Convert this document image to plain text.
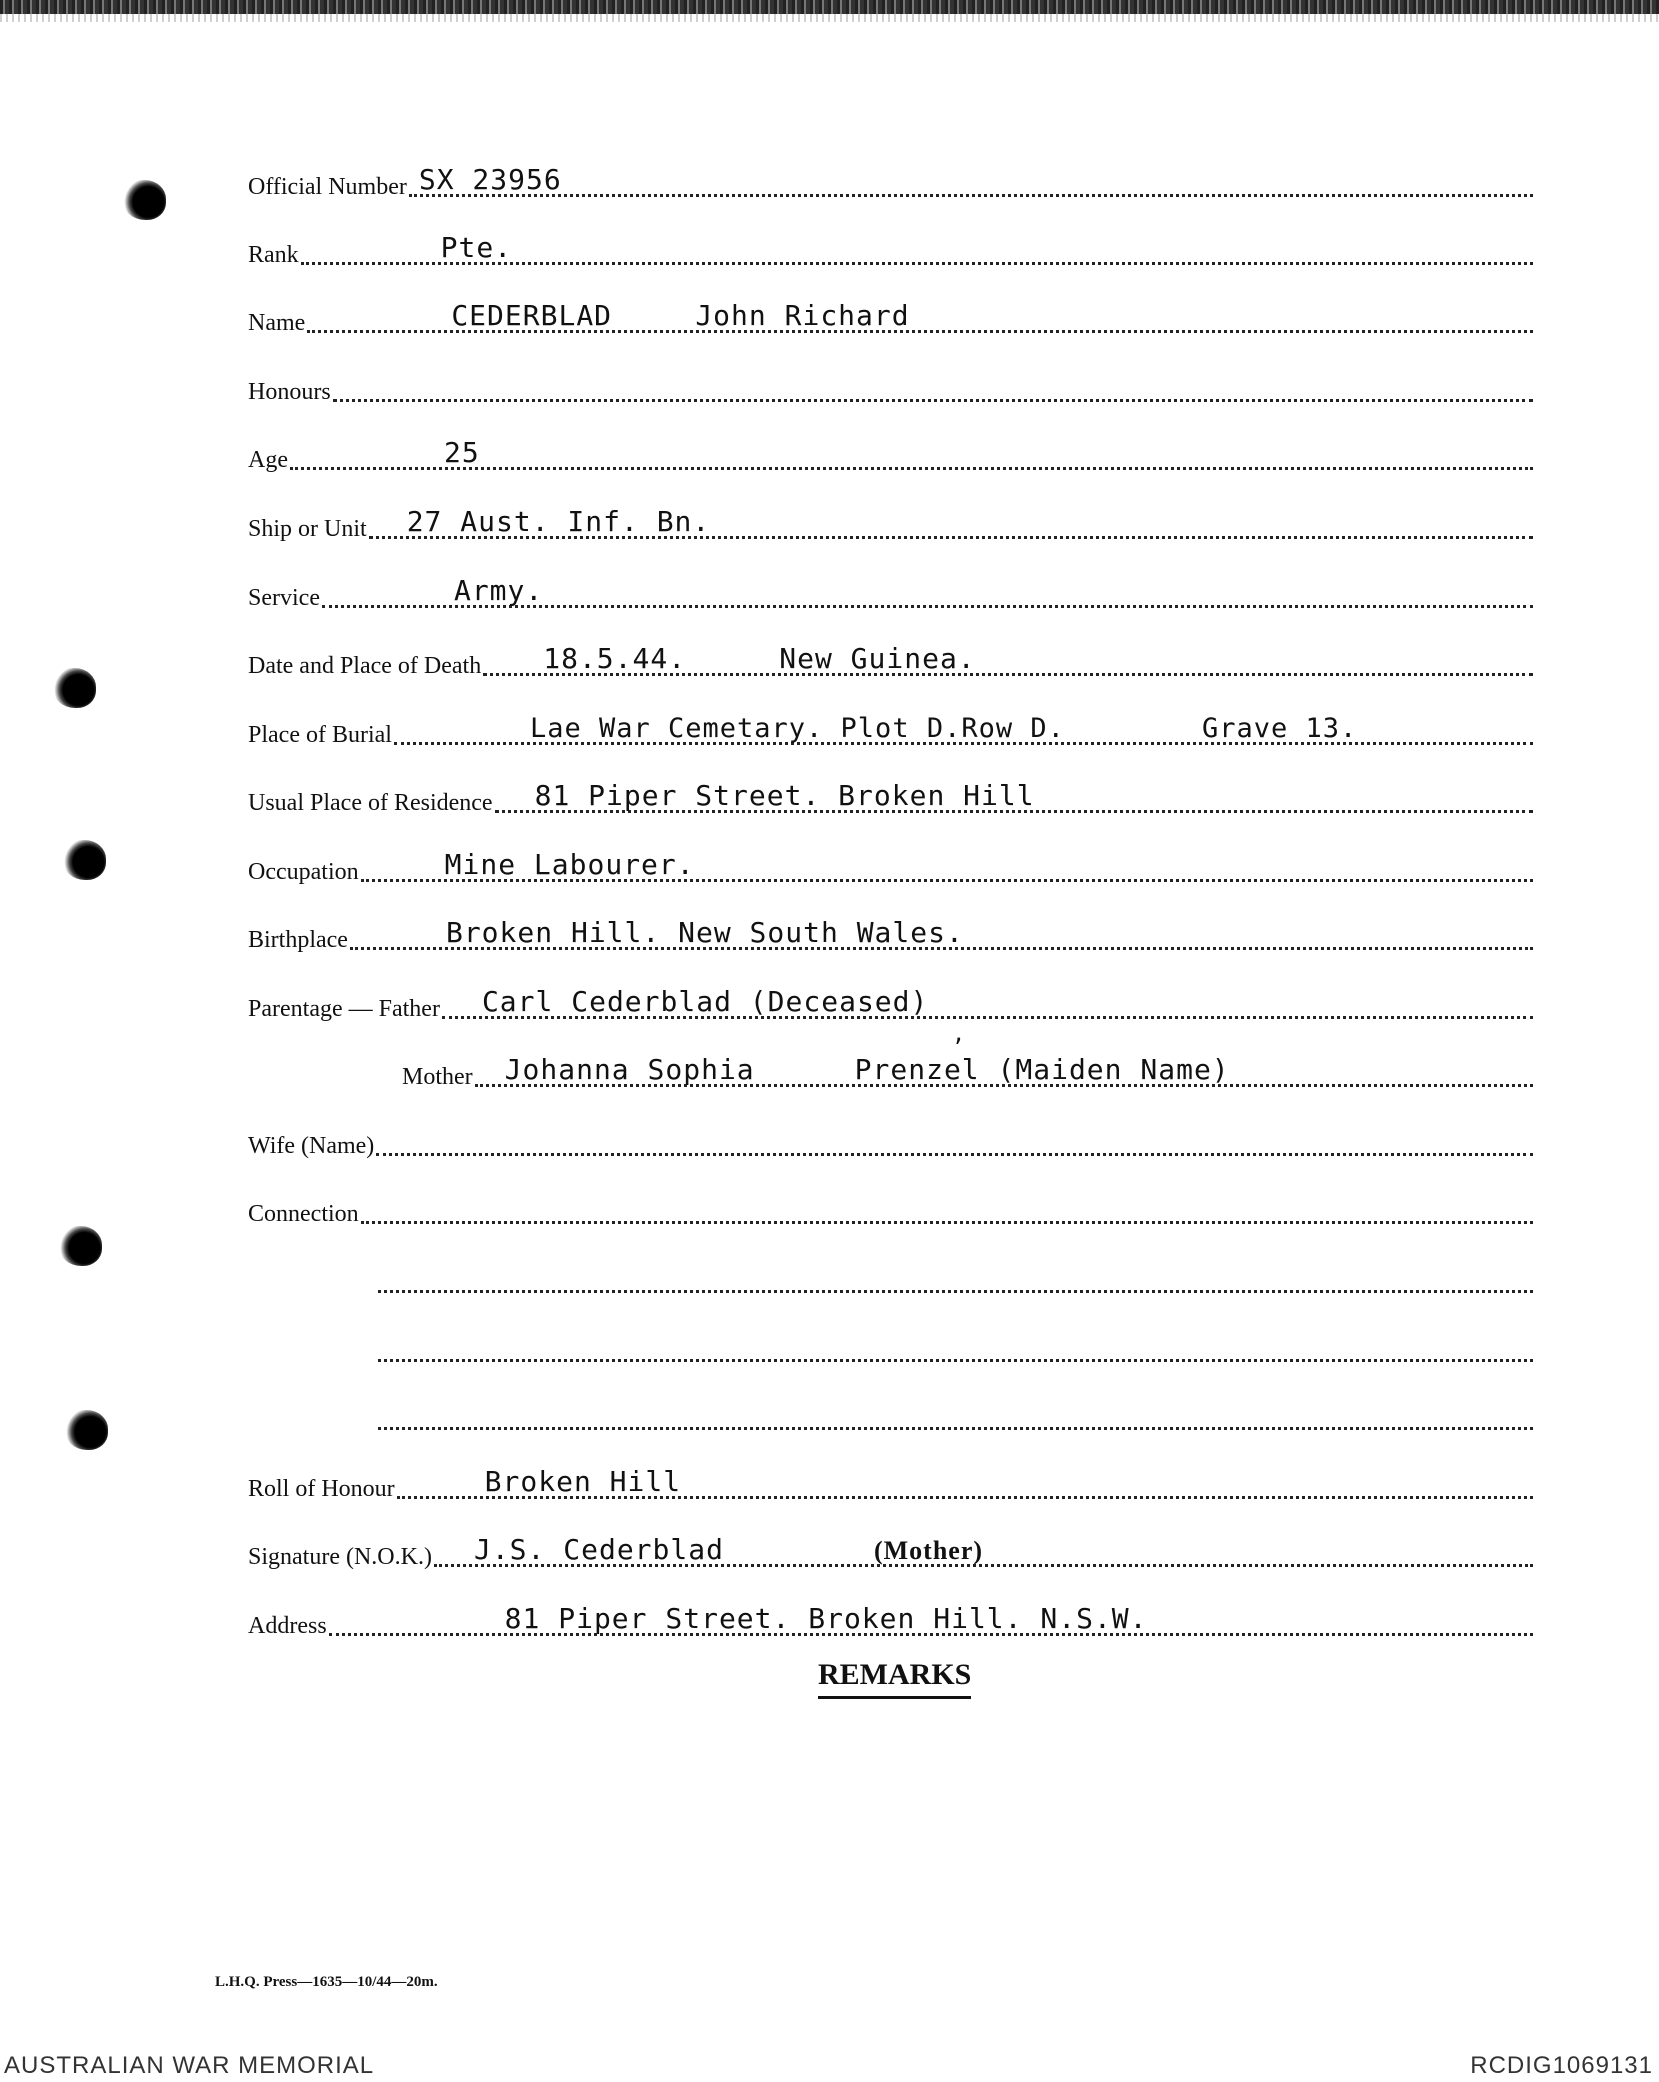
Official Number SX 23956
Rank	Pte.
Name	CEDERBLAD	John Richard
Honours
Age	25
Ship or Unit 27 Aust. Inf. Bn.
Service	Army.
Date and Place of Death 18.5.44.	New Guinea.
Place of Burial	Lae War Cemetary. Plot D.Row D.	Grave 13.
Usual Place of Residence 81 Piper Street. Broken Hill
Occupation	Mine Labourer.
Birthplace	Broken Hill. New South Wales.
Parentage — Father Carl Cederblad (Deceased)
,
Mother Johanna Sophia	Prenzel (Maiden Name)
Wife (Name)
Connection
Roll of Honour	Broken Hill
Signature (N.O.K.) J.S. Cederblad	(Mother)
Address	81 Piper Street. Broken Hill. N.S.W.
REMARKS
L.H.Q. Press—1635—10/44—20m.
AUSTRALIAN WAR MEMORIAL	RCDIG1069131
